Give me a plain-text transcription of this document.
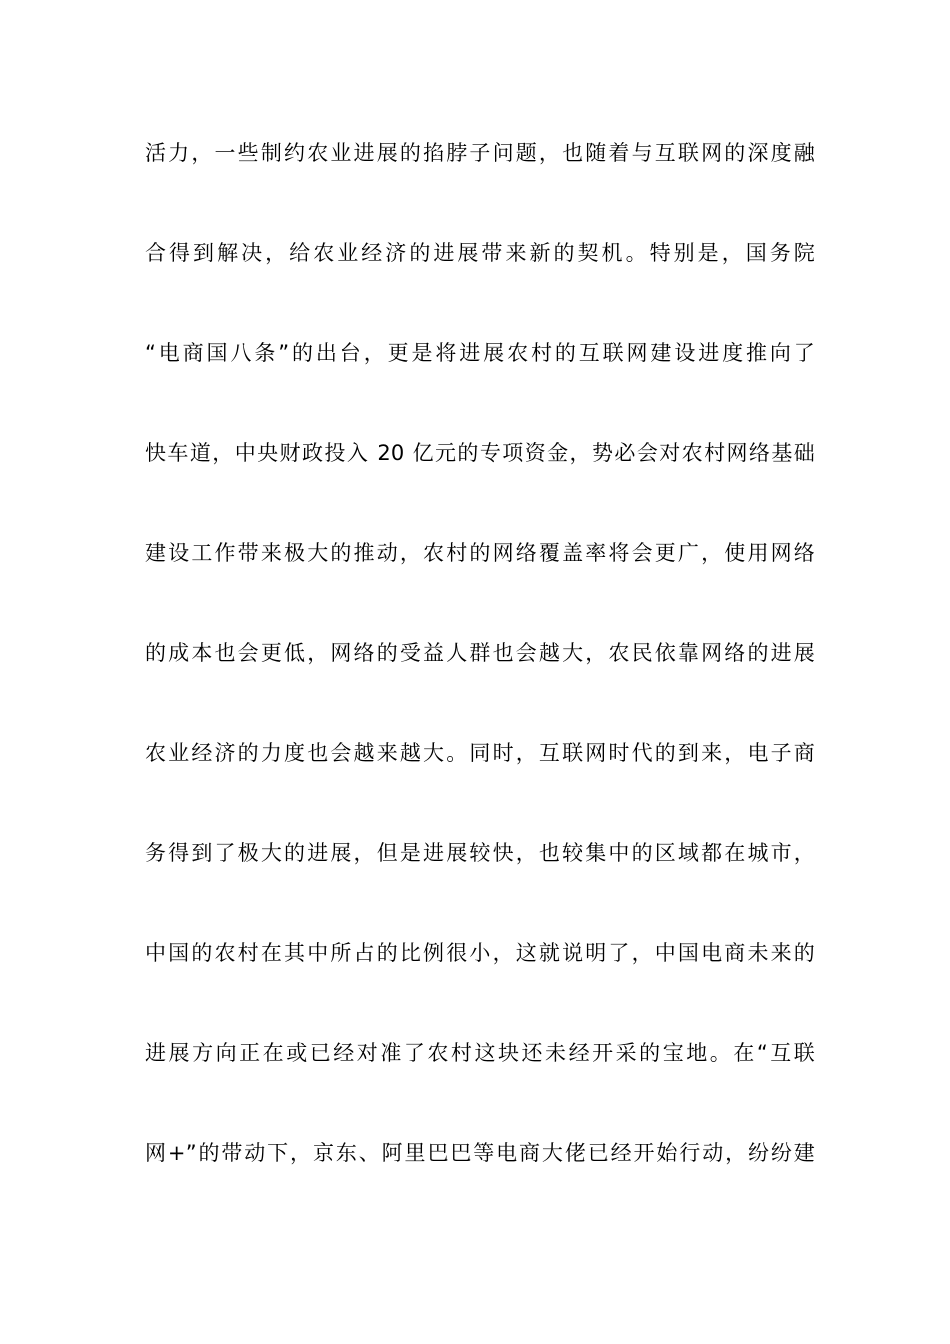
活力，一些制约农业进展的掐脖子问题，也随着与互联网的深度融
合得到解决，给农业经济的进展带来新的契机。特别是，国务院
“电商国八条”的出台，更是将进展农村的互联网建设进度推向了
快车道，中央财政投入 20 亿元的专项资金，势必会对农村网络基础
建设工作带来极大的推动，农村的网络覆盖率将会更广，使用网络
的成本也会更低，网络的受益人群也会越大，农民依靠网络的进展
农业经济的力度也会越来越大。同时，互联网时代的到来，电子商
务得到了极大的进展，但是进展较快，也较集中的区域都在城市，
中国的农村在其中所占的比例很小，这就说明了，中国电商未来的
进展方向正在或已经对准了农村这块还未经开采的宝地。在“互联
网+”的带动下，京东、阿里巴巴等电商大佬已经开始行动，纷纷建
